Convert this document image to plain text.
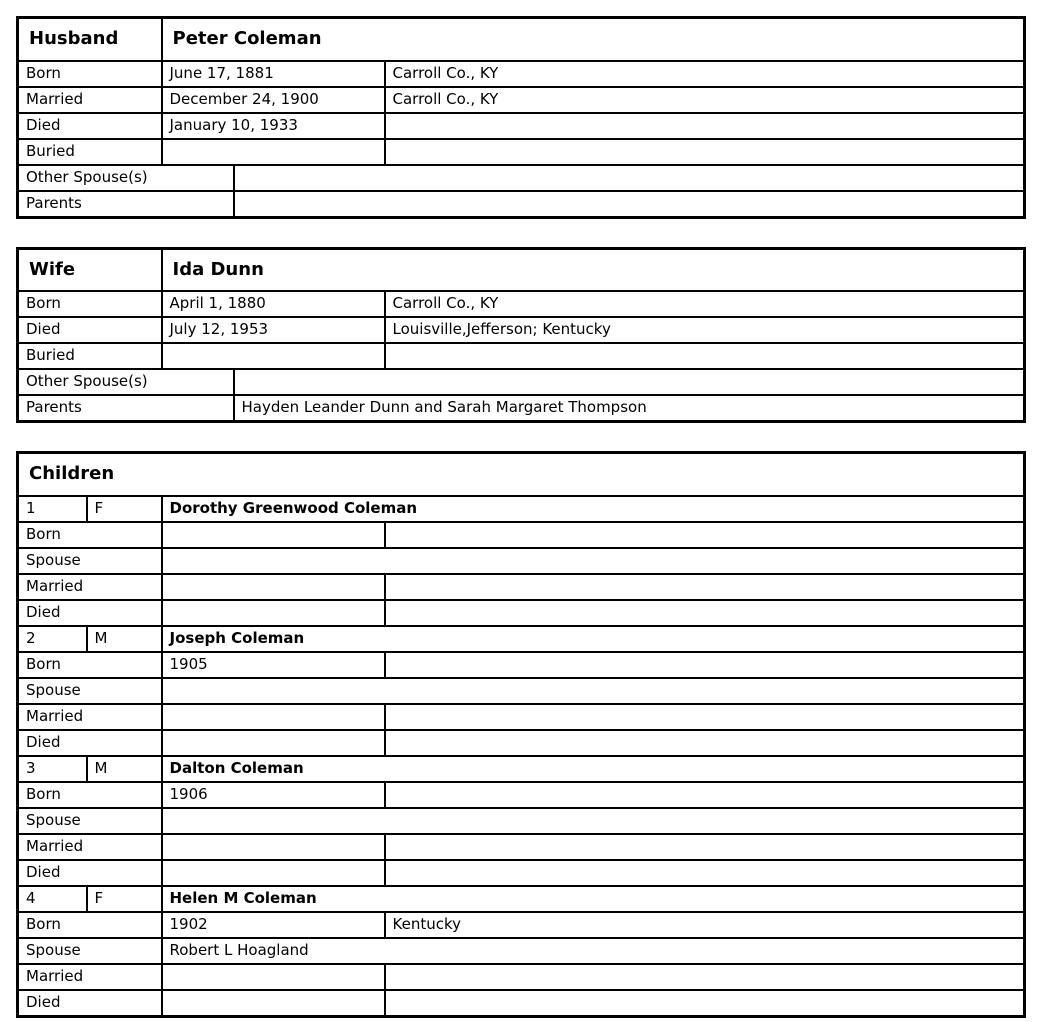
Husband	Peter Coleman		
Born	June 17, 1881		Carroll Co., KY
Married	December 24, 1900		Carroll Co., KY
Died	January 10, 1933		
Buried			
Other Spouse(s)			
Parents			
Wife	Ida Dunn		
Born	April 1, 1880		Carroll Co., KY
Died	July 12, 1953		Louisville,Jefferson; Kentucky
Buried			
Other Spouse(s)			
Parents		Hayden Leander Dunn and Sarah Margaret Thompson	
Children			
1	F	Dorothy Greenwood Coleman	
Born			
Spouse			
Married			
Died			
2	M	Joseph Coleman	
Born		1905	
Spouse			
Married			
Died			
3	M	Dalton Coleman	
Born		1906	
Spouse			
Married			
Died			
4	F	Helen M Coleman	
Born		1902	Kentucky
Spouse		Robert L Hoagland	
Married			
Died			
